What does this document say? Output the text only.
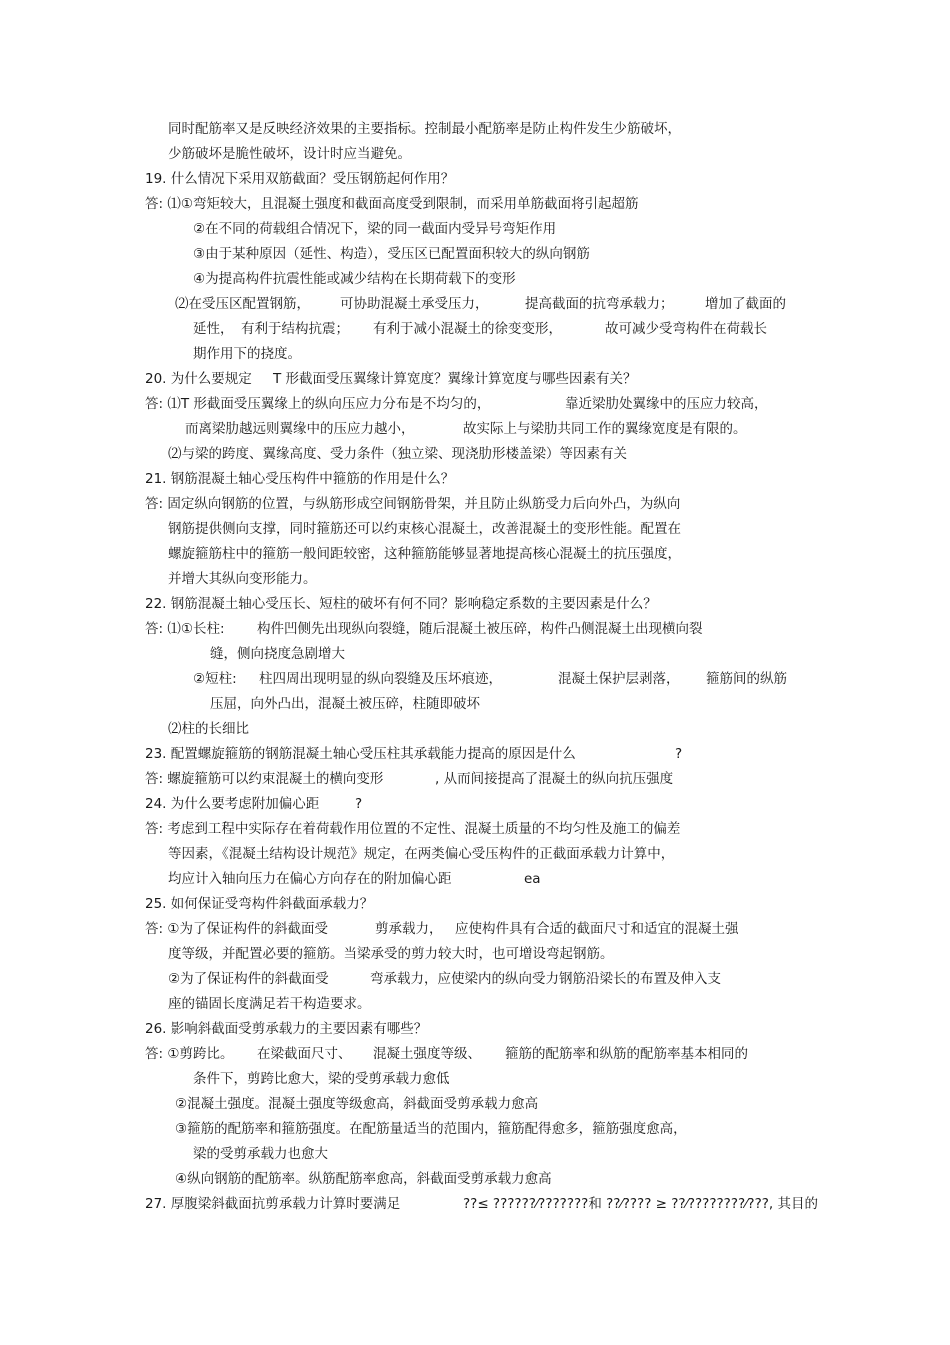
同时配筋率又是反映经济效果的主要指标。控制最小配筋率是防止构件发生少筋破坏，
少筋破坏是脆性破坏，设计时应当避免。
19. 什么情况下采用双筋截面？受压钢筋起何作用？
答: ⑴①弯矩较大，且混凝土强度和截面高度受到限制，而采用单筋截面将引起超筋
②在不同的荷载组合情况下，梁的同一截面内受异号弯矩作用
③由于某种原因（延性、构造），受压区已配置面积较大的纵向钢筋
④为提高构件抗震性能或减少结构在长期荷载下的变形
⑵在受压区配置钢筋， 可协助混凝土承受压力，	提高截面的抗弯承载力； 增加了截面的
延性， 有利于结构抗震； 有利于减小混凝土的徐变变形，	故可减少受弯构件在荷载长
期作用下的挠度。
20. 为什么要规定 T 形截面受压翼缘计算宽度？翼缘计算宽度与哪些因素有关？
答: ⑴T 形截面受压翼缘上的纵向压应力分布是不均匀的，	靠近梁肋处翼缘中的压应力较高，
而离梁肋越远则翼缘中的压应力越小，	故实际上与梁肋共同工作的翼缘宽度是有限的。
⑵与梁的跨度、翼缘高度、受力条件（独立梁、现浇肋形楼盖梁）等因素有关
21. 钢筋混凝土轴心受压构件中箍筋的作用是什么？
答: 固定纵向钢筋的位置，与纵筋形成空间钢筋骨架，并且防止纵筋受力后向外凸，为纵向
钢筋提供侧向支撑，同时箍筋还可以约束核心混凝土，改善混凝土的变形性能。配置在
螺旋箍筋柱中的箍筋一般间距较密，这种箍筋能够显著地提高核心混凝土的抗压强度，
并增大其纵向变形能力。
22. 钢筋混凝土轴心受压长、短柱的破坏有何不同？影响稳定系数的主要因素是什么？
答: ⑴①长柱: 构件凹侧先出现纵向裂缝，随后混凝土被压碎，构件凸侧混凝土出现横向裂
缝，侧向挠度急剧增大
②短柱: 柱四周出现明显的纵向裂缝及压坏痕迹，	混凝土保护层剥落， 箍筋间的纵筋
压屈，向外凸出，混凝土被压碎，柱随即破坏
⑵柱的长细比
23. 配置螺旋箍筋的钢筋混凝土轴心受压柱其承载能力提高的原因是什么	?
答: 螺旋箍筋可以约束混凝土的横向变形	, 从而间接提高了混凝土的纵向抗压强度
24. 为什么要考虑附加偏心距	?
答: 考虑到工程中实际存在着荷载作用位置的不定性、混凝土质量的不均匀性及施工的偏差
等因素，《混凝土结构设计规范》规定，在两类偏心受压构件的正截面承载力计算中，
均应计入轴向压力在偏心方向存在的附加偏心距	ea
25. 如何保证受弯构件斜截面承载力？
答: ①为了保证构件的斜截面受	剪承载力， 应使构件具有合适的截面尺寸和适宜的混凝土强
度等级，并配置必要的箍筋。当梁承受的剪力较大时，也可增设弯起钢筋。
②为了保证构件的斜截面受	弯承载力，应使梁内的纵向受力钢筋沿梁长的布置及伸入支
座的锚固长度满足若干构造要求。
26. 影响斜截面受剪承载力的主要因素有哪些？
答: ①剪跨比。 在梁截面尺寸、 混凝土强度等级、 箍筋的配筋率和纵筋的配筋率基本相同的
条件下，剪跨比愈大，梁的受剪承载力愈低
②混凝土强度。混凝土强度等级愈高，斜截面受剪承载力愈高
③箍筋的配筋率和箍筋强度。在配筋量适当的范围内，箍筋配得愈多，箍筋强度愈高，
梁的受剪承载力也愈大
④纵向钢筋的配筋率。纵筋配筋率愈高，斜截面受剪承载力愈高
27. 厚腹梁斜截面抗剪承载力计算时要满足	??≤ ??????⁄???????和 ??⁄???? ≥ ??⁄????????⁄???, 其目的
